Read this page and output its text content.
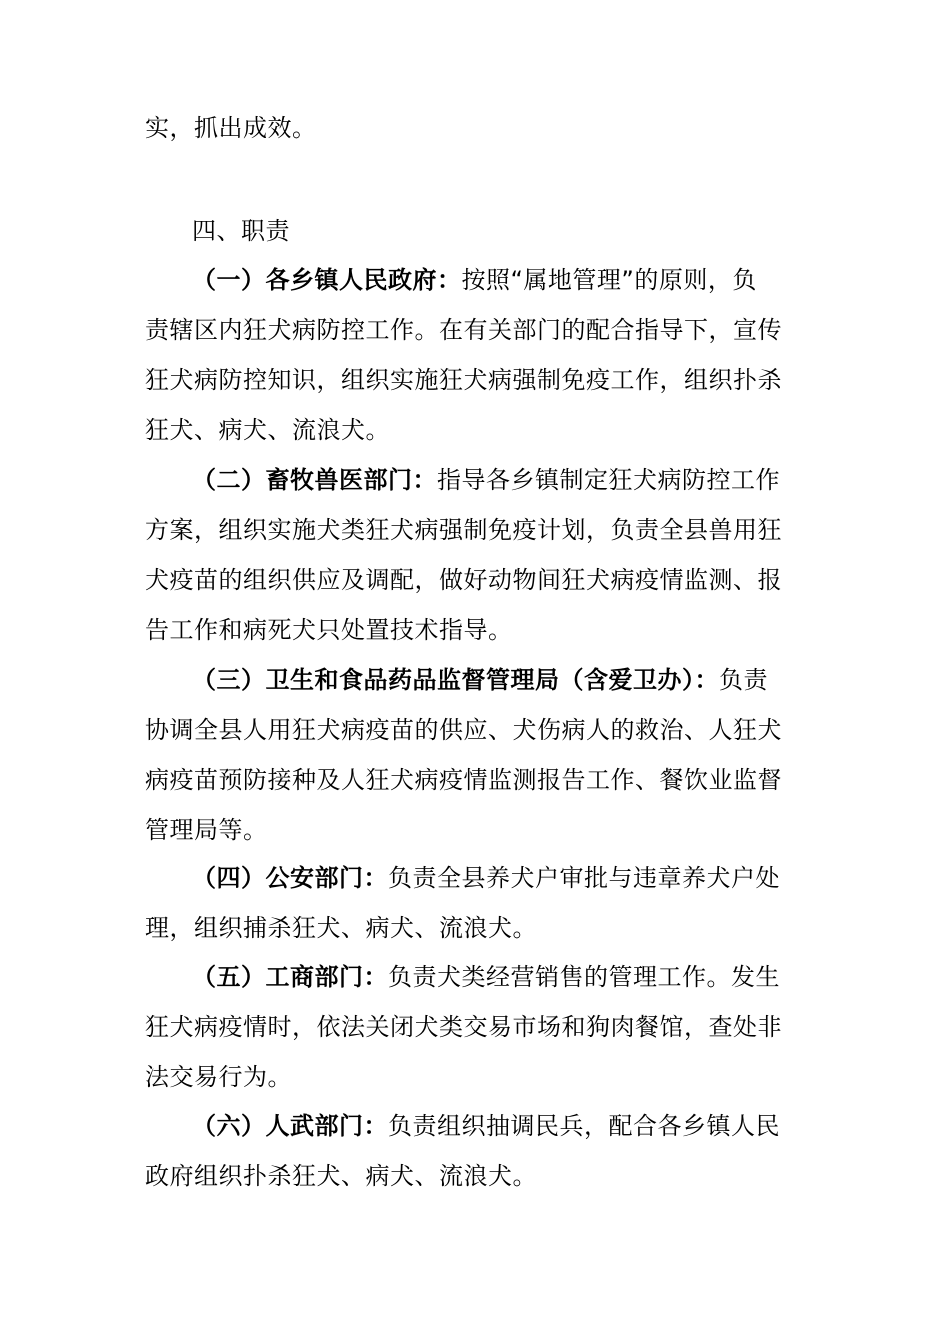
实，抓出成效。
四、职责
（一）各乡镇人民政府：按照“属地管理”的原则，负
责辖区内狂犬病防控工作。在有关部门的配合指导下，宣传
狂犬病防控知识，组织实施狂犬病强制免疫工作，组织扑杀
狂犬、病犬、流浪犬。
（二）畜牧兽医部门：指导各乡镇制定狂犬病防控工作
方案，组织实施犬类狂犬病强制免疫计划，负责全县兽用狂
犬疫苗的组织供应及调配，做好动物间狂犬病疫情监测、报
告工作和病死犬只处置技术指导。
（三）卫生和食品药品监督管理局（含爱卫办）：负责
协调全县人用狂犬病疫苗的供应、犬伤病人的救治、人狂犬
病疫苗预防接种及人狂犬病疫情监测报告工作、餐饮业监督
管理局等。
（四）公安部门：负责全县养犬户审批与违章养犬户处
理，组织捕杀狂犬、病犬、流浪犬。
（五）工商部门：负责犬类经营销售的管理工作。发生
狂犬病疫情时，依法关闭犬类交易市场和狗肉餐馆，查处非
法交易行为。
（六）人武部门：负责组织抽调民兵，配合各乡镇人民
政府组织扑杀狂犬、病犬、流浪犬。
